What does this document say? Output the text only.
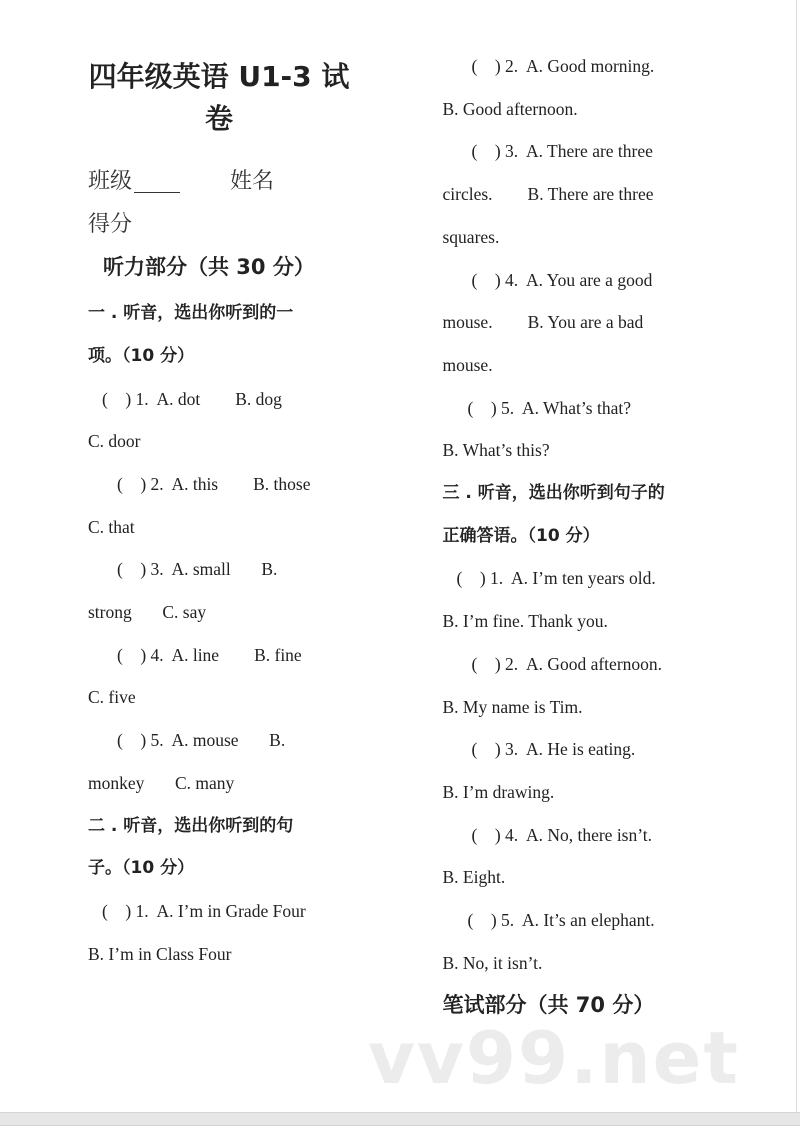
vv99.net
四年级英语 U1-3 试
卷
班级	姓名
得分
听力部分（共 30 分）
一 . 听音，选出你听到的一
项。（10 分）
(    ) 1.  A. dot        B. dog
C. door
(    ) 2.  A. this        B. those
C. that
(    ) 3.  A. small       B.
strong       C. say
(    ) 4.  A. line        B. fine
C. five
(    ) 5.  A. mouse       B.
monkey       C. many
二 . 听音，选出你听到的句
子。（10 分）
(    ) 1.  A. I’m in Grade Four
B. I’m in Class Four
(    ) 2.  A. Good morning.
B. Good afternoon.
(    ) 3.  A. There are three
circles.        B. There are three
squares.
(    ) 4.  A. You are a good
mouse.        B. You are a bad
mouse.
(    ) 5.  A. What’s that?
B. What’s this?
三 . 听音，选出你听到句子的
正确答语。（10 分）
(    ) 1.  A. I’m ten years old.
B. I’m fine. Thank you.
(    ) 2.  A. Good afternoon.
B. My name is Tim.
(    ) 3.  A. He is eating.
B. I’m drawing.
(    ) 4.  A. No, there isn’t.
B. Eight.
(    ) 5.  A. It’s an elephant.
B. No, it isn’t.
笔试部分（共 70 分）
